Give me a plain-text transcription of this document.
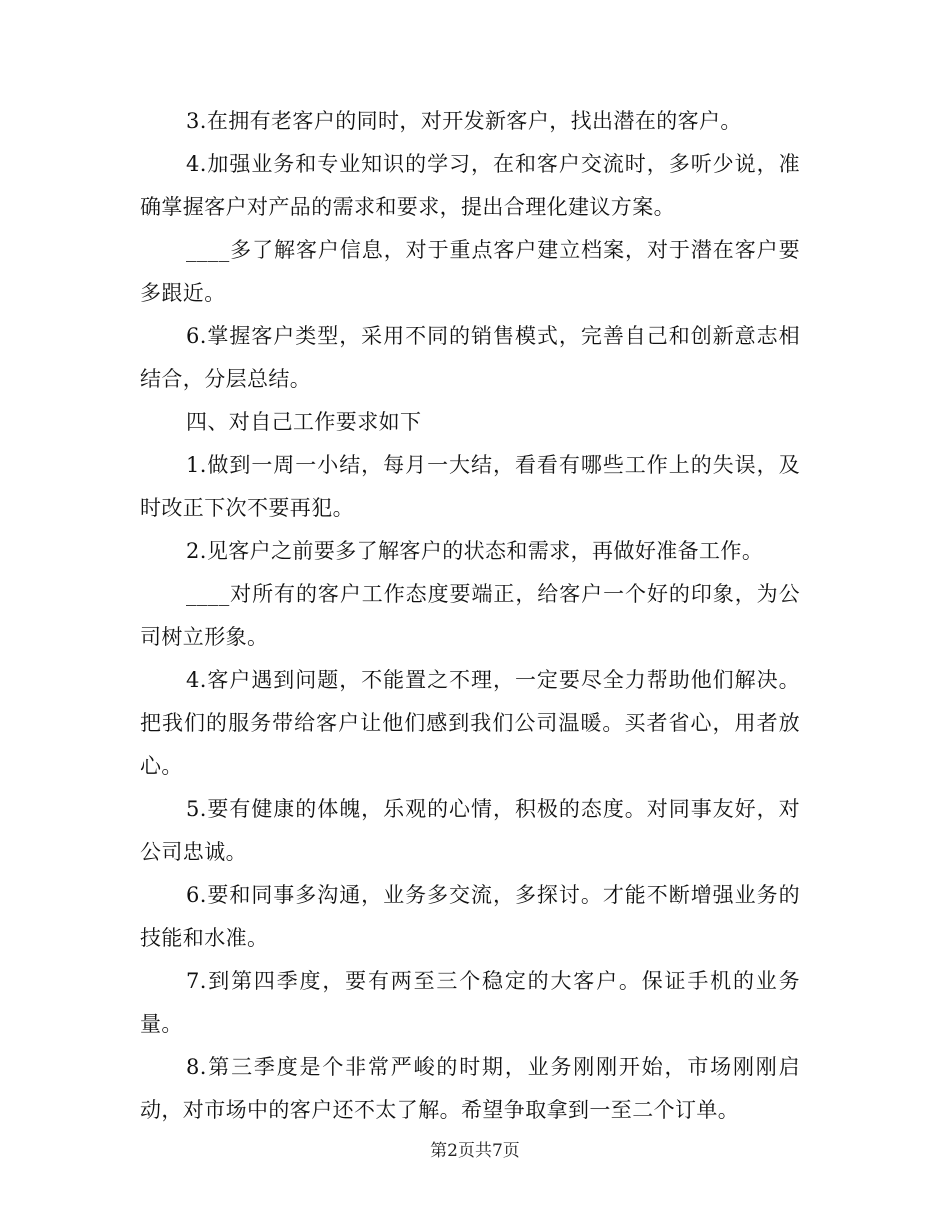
3.在拥有老客户的同时，对开发新客户，找出潜在的客户。

4.加强业务和专业知识的学习，在和客户交流时，多听少说，准确掌握客户对产品的需求和要求，提出合理化建议方案。

____多了解客户信息，对于重点客户建立档案，对于潜在客户要多跟近。

6.掌握客户类型，采用不同的销售模式，完善自己和创新意志相结合，分层总结。

四、对自己工作要求如下

1.做到一周一小结，每月一大结，看看有哪些工作上的失误，及时改正下次不要再犯。

2.见客户之前要多了解客户的状态和需求，再做好准备工作。

____对所有的客户工作态度要端正，给客户一个好的印象，为公司树立形象。

4.客户遇到问题，不能置之不理，一定要尽全力帮助他们解决。把我们的服务带给客户让他们感到我们公司温暖。买者省心，用者放心。

5.要有健康的体魄，乐观的心情，积极的态度。对同事友好，对公司忠诚。

6.要和同事多沟通，业务多交流，多探讨。才能不断增强业务的技能和水准。

7.到第四季度，要有两至三个稳定的大客户。保证手机的业务量。

8.第三季度是个非常严峻的时期，业务刚刚开始，市场刚刚启动，对市场中的客户还不太了解。希望争取拿到一至二个订单。

第2页共7页
